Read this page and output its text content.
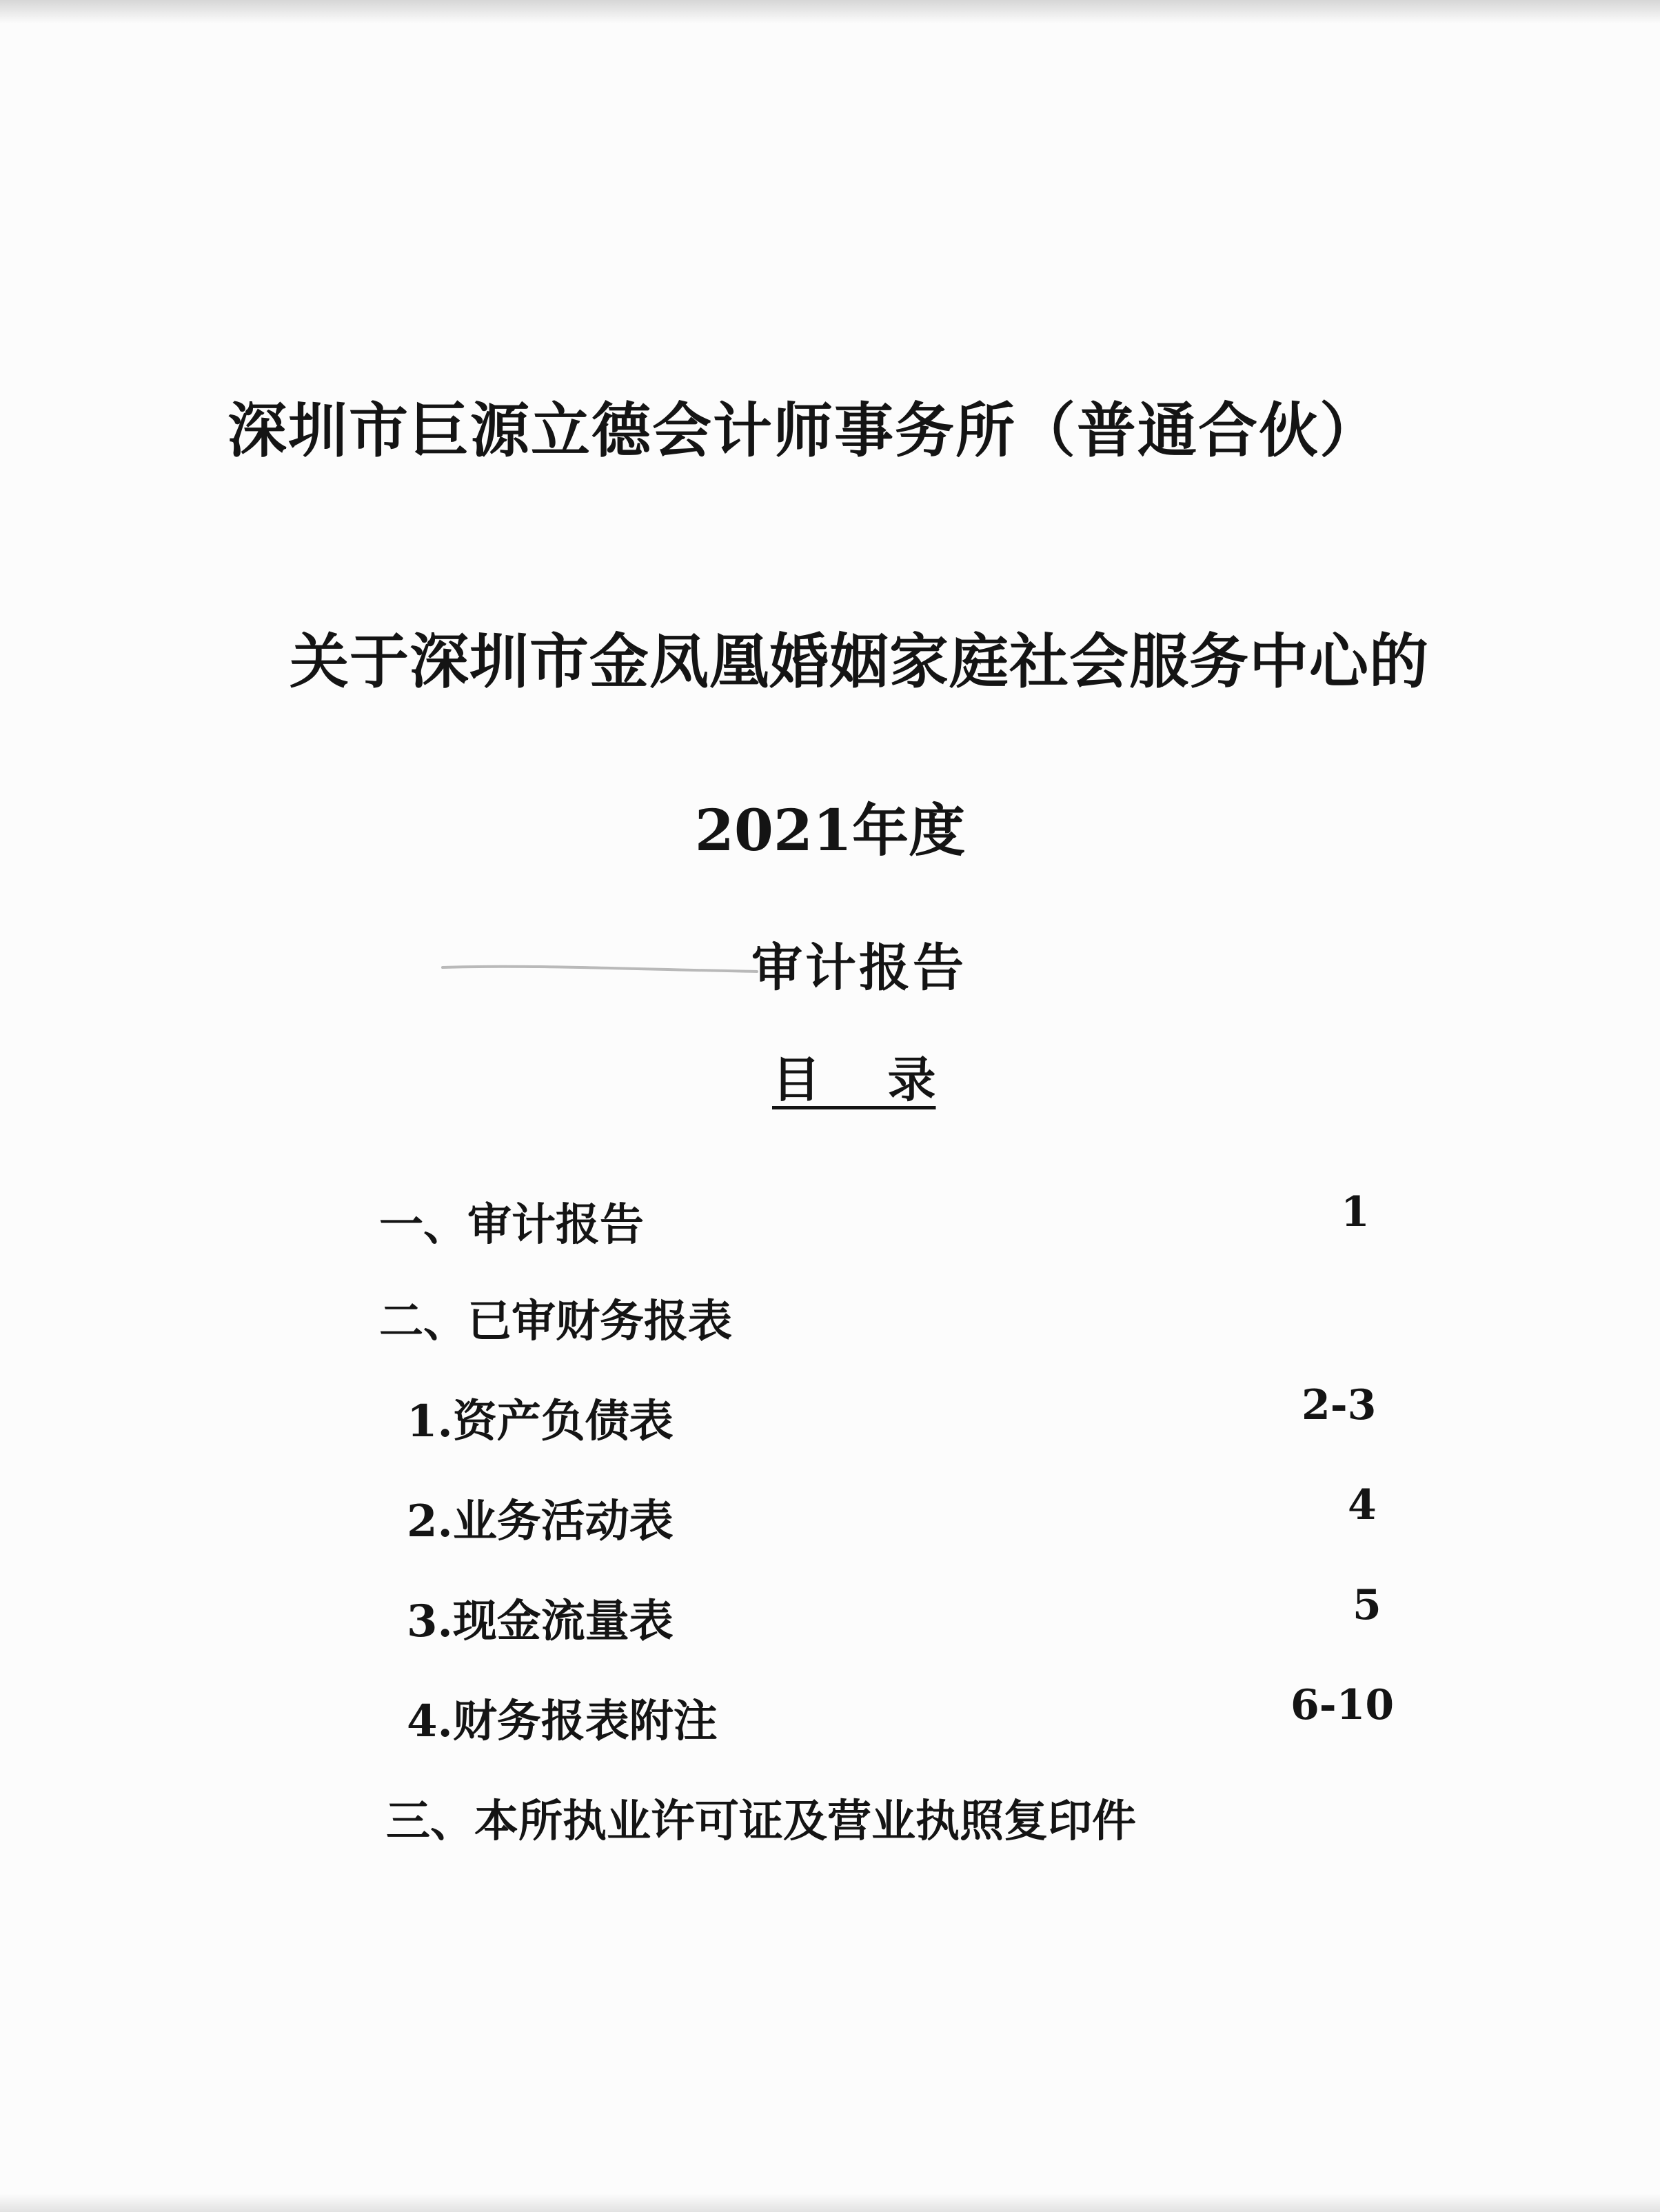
深圳市巨源立德会计师事务所（普通合伙）
关于深圳市金凤凰婚姻家庭社会服务中心的
2021年度
审计报告
目    录
一、审计报告	1
二、已审财务报表
1.资产负债表	2-3
2.业务活动表	4
3.现金流量表	5
4.财务报表附注	6-10
三、本所执业许可证及营业执照复印件
